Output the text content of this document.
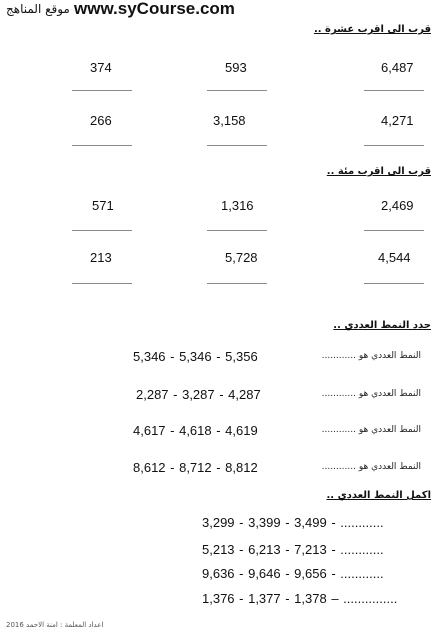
موقع المناهج www.syCourse.com
قرب الى اقرب عشرة ..
374	593	6,487
266	3,158	4,271
قرب الى اقرب مئة ..
571	1,316	2,469
213	5,728	4,544
حدد النمط العددي ..
5,346 - 5,346 - 5,356	النمط العددي هو ............
2,287 - 3,287 - 4,287	النمط العددي هو ............
4,617 - 4,618 - 4,619	النمط العددي هو ............
8,612 - 8,712 - 8,812	النمط العددي هو ............
اكمل النمط العددي ..
3,299 - 3,399 - 3,499 - ............
5,213 - 6,213 - 7,213 - ............
9,636 - 9,646 - 9,656 - ............
1,376 - 1,377 - 1,378 – ...............
اعداد المعلمة : امنة الاحمد 2016
